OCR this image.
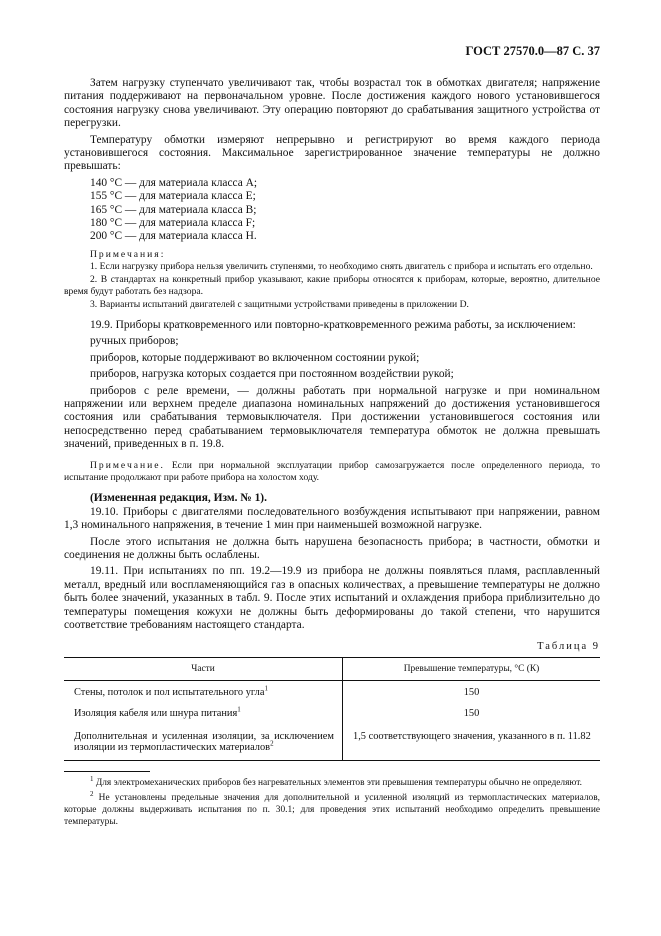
ГОСТ 27570.0—87 С. 37

Затем нагрузку ступенчато увеличивают так, чтобы возрастал ток в обмотках двигателя; напряжение питания поддерживают на первоначальном уровне. После достижения каждого нового установившегося состояния нагрузку снова увеличивают. Эту операцию повторяют до срабатывания защитного устройства от перегрузки.

Температуру обмотки измеряют непрерывно и регистрируют во время каждого периода установившегося состояния. Максимальное зарегистрированное значение температуры не должно превышать:

140 °С — для материала класса А;

155 °С — для материала класса Е;

165 °С — для материала класса В;

180 °С — для материала класса F;

200 °С — для материала класса Н.

Примечания:

1. Если нагрузку прибора нельзя увеличить ступенями, то необходимо снять двигатель с прибора и испытать его отдельно.

2. В стандартах на конкретный прибор указывают, какие приборы относятся к приборам, которые, вероятно, длительное время будут работать без надзора.

3. Варианты испытаний двигателей с защитными устройствами приведены в приложении D.

19.9. Приборы кратковременного или повторно-кратковременного режима работы, за исключением:

ручных приборов;

приборов, которые поддерживают во включенном состоянии рукой;

приборов, нагрузка которых создается при постоянном воздействии рукой;

приборов с реле времени, — должны работать при нормальной нагрузке и при номинальном напряжении или верхнем пределе диапазона номинальных напряжений до достижения установившегося состояния или срабатывания термовыключателя. При достижении установившегося состояния или непосредственно перед срабатыванием термовыключателя температура обмоток не должна превышать значений, приведенных в п. 19.8.

Примечание. Если при нормальной эксплуатации прибор самозагружается после определенного периода, то испытание продолжают при работе прибора на холостом ходу.

(Измененная редакция, Изм. № 1).

19.10. Приборы с двигателями последовательного возбуждения испытывают при напряжении, равном 1,3 номинального напряжения, в течение 1 мин при наименьшей возможной нагрузке.

После этого испытания не должна быть нарушена безопасность прибора; в частности, обмотки и соединения не должны быть ослаблены.

19.11. При испытаниях по пп. 19.2—19.9 из прибора не должны появляться пламя, расплавленный металл, вредный или воспламеняющийся газ в опасных количествах, а превышение температуры не должно быть более значений, указанных в табл. 9. После этих испытаний и охлаждения прибора приблизительно до температуры помещения кожухи не должны быть деформированы до такой степени, что нарушится соответствие требованиям настоящего стандарта.

Таблица 9
Части	Превышение температуры, °С (К)
Стены, потолок и пол испытательного угла$^1$	150
Изоляция кабеля или шнура питания$^1$	150
Дополнительная и усиленная изоляции, за исключением изоляции из термопластических материалов$^2$	1,5 соответствующего значения, указанного в п. 11.82

$^1$ Для электромеханических приборов без нагревательных элементов эти превышения температуры обычно не определяют.

$^2$ Не установлены предельные значения для дополнительной и усиленной изоляций из термопластических материалов, которые должны выдерживать испытания по п. 30.1; для проведения этих испытаний необходимо определить превышение температуры.
